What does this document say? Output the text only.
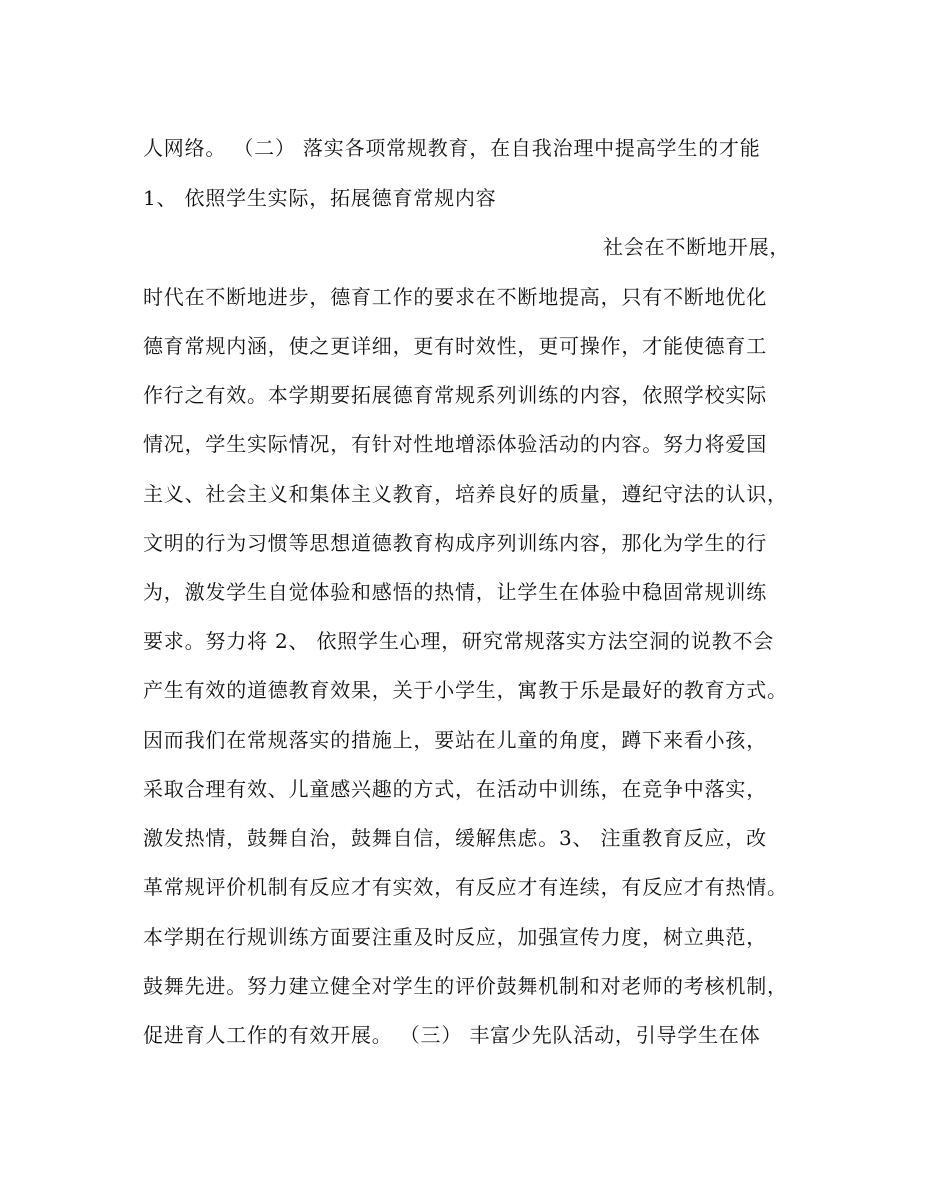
人网络。 （二） 落实各项常规教育，在自我治理中提高学生的才能
1、 依照学生实际，拓展德育常规内容
社会在不断地开展，
时代在不断地进步，德育工作的要求在不断地提高，只有不断地优化
德育常规内涵，使之更详细，更有时效性，更可操作，才能使德育工
作行之有效。本学期要拓展德育常规系列训练的内容，依照学校实际
情况，学生实际情况，有针对性地增添体验活动的内容。努力将爱国
主义、社会主义和集体主义教育，培养良好的质量，遵纪守法的认识，
文明的行为习惯等思想道德教育构成序列训练内容，那化为学生的行
为，激发学生自觉体验和感悟的热情，让学生在体验中稳固常规训练
要求。努力将 2、 依照学生心理，研究常规落实方法空洞的说教不会
产生有效的道德教育效果，关于小学生，寓教于乐是最好的教育方式。
因而我们在常规落实的措施上，要站在儿童的角度，蹲下来看小孩，
采取合理有效、儿童感兴趣的方式，在活动中训练，在竞争中落实，
激发热情，鼓舞自治，鼓舞自信，缓解焦虑。3、 注重教育反应，改
革常规评价机制有反应才有实效，有反应才有连续，有反应才有热情。
本学期在行规训练方面要注重及时反应，加强宣传力度，树立典范，
鼓舞先进。努力建立健全对学生的评价鼓舞机制和对老师的考核机制，
促进育人工作的有效开展。 （三） 丰富少先队活动，引导学生在体
